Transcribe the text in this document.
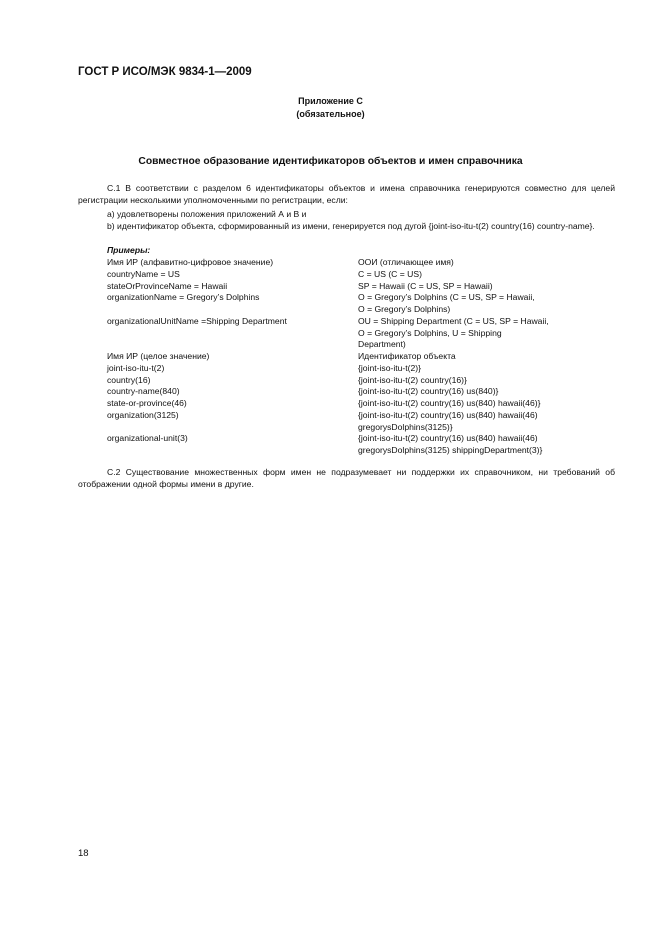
ГОСТ Р ИСО/МЭК 9834-1—2009
Приложение С
(обязательное)
Совместное образование идентификаторов объектов и имен справочника
С.1 В соответствии с разделом 6 идентификаторы объектов и имена справочника генерируются совместно для целей регистрации несколькими уполномоченными по регистрации, если:
а) удовлетворены положения приложений А и В и
b) идентификатор объекта, сформированный из имени, генерируется под дугой {joint-iso-itu-t(2) country(16) country-name}.
Примеры:
Имя ИР (алфавитно-цифровое значение)	ООИ (отличающее имя)
countryName = US	C = US (C = US)
stateOrProvinceName = Hawaii	SP = Hawaii (C = US, SP = Hawaii)
organizationName = Gregory’s Dolphins	O = Gregory’s Dolphins (C = US, SP = Hawaii,
O = Gregory’s Dolphins)
organizationalUnitName =Shipping Department	OU = Shipping Department (C = US, SP = Hawaii,
O = Gregory’s Dolphins, U = Shipping
Department)
Имя ИР (целое значение)	Идентификатор объекта
joint-iso-itu-t(2)	{joint-iso-itu-t(2)}
country(16)	{joint-iso-itu-t(2) country(16)}
country-name(840)	{joint-iso-itu-t(2) country(16) us(840)}
state-or-province(46)	{joint-iso-itu-t(2) country(16) us(840) hawaii(46)}
organization(3125)	{joint-iso-itu-t(2) country(16) us(840) hawaii(46)
gregorysDolphins(3125)}
organizational-unit(3)	{joint-iso-itu-t(2) country(16) us(840) hawaii(46)
gregorysDolphins(3125) shippingDepartment(3)}
С.2 Существование множественных форм имен не подразумевает ни поддержки их справочником, ни требований об отображении одной формы имени в другие.
18
